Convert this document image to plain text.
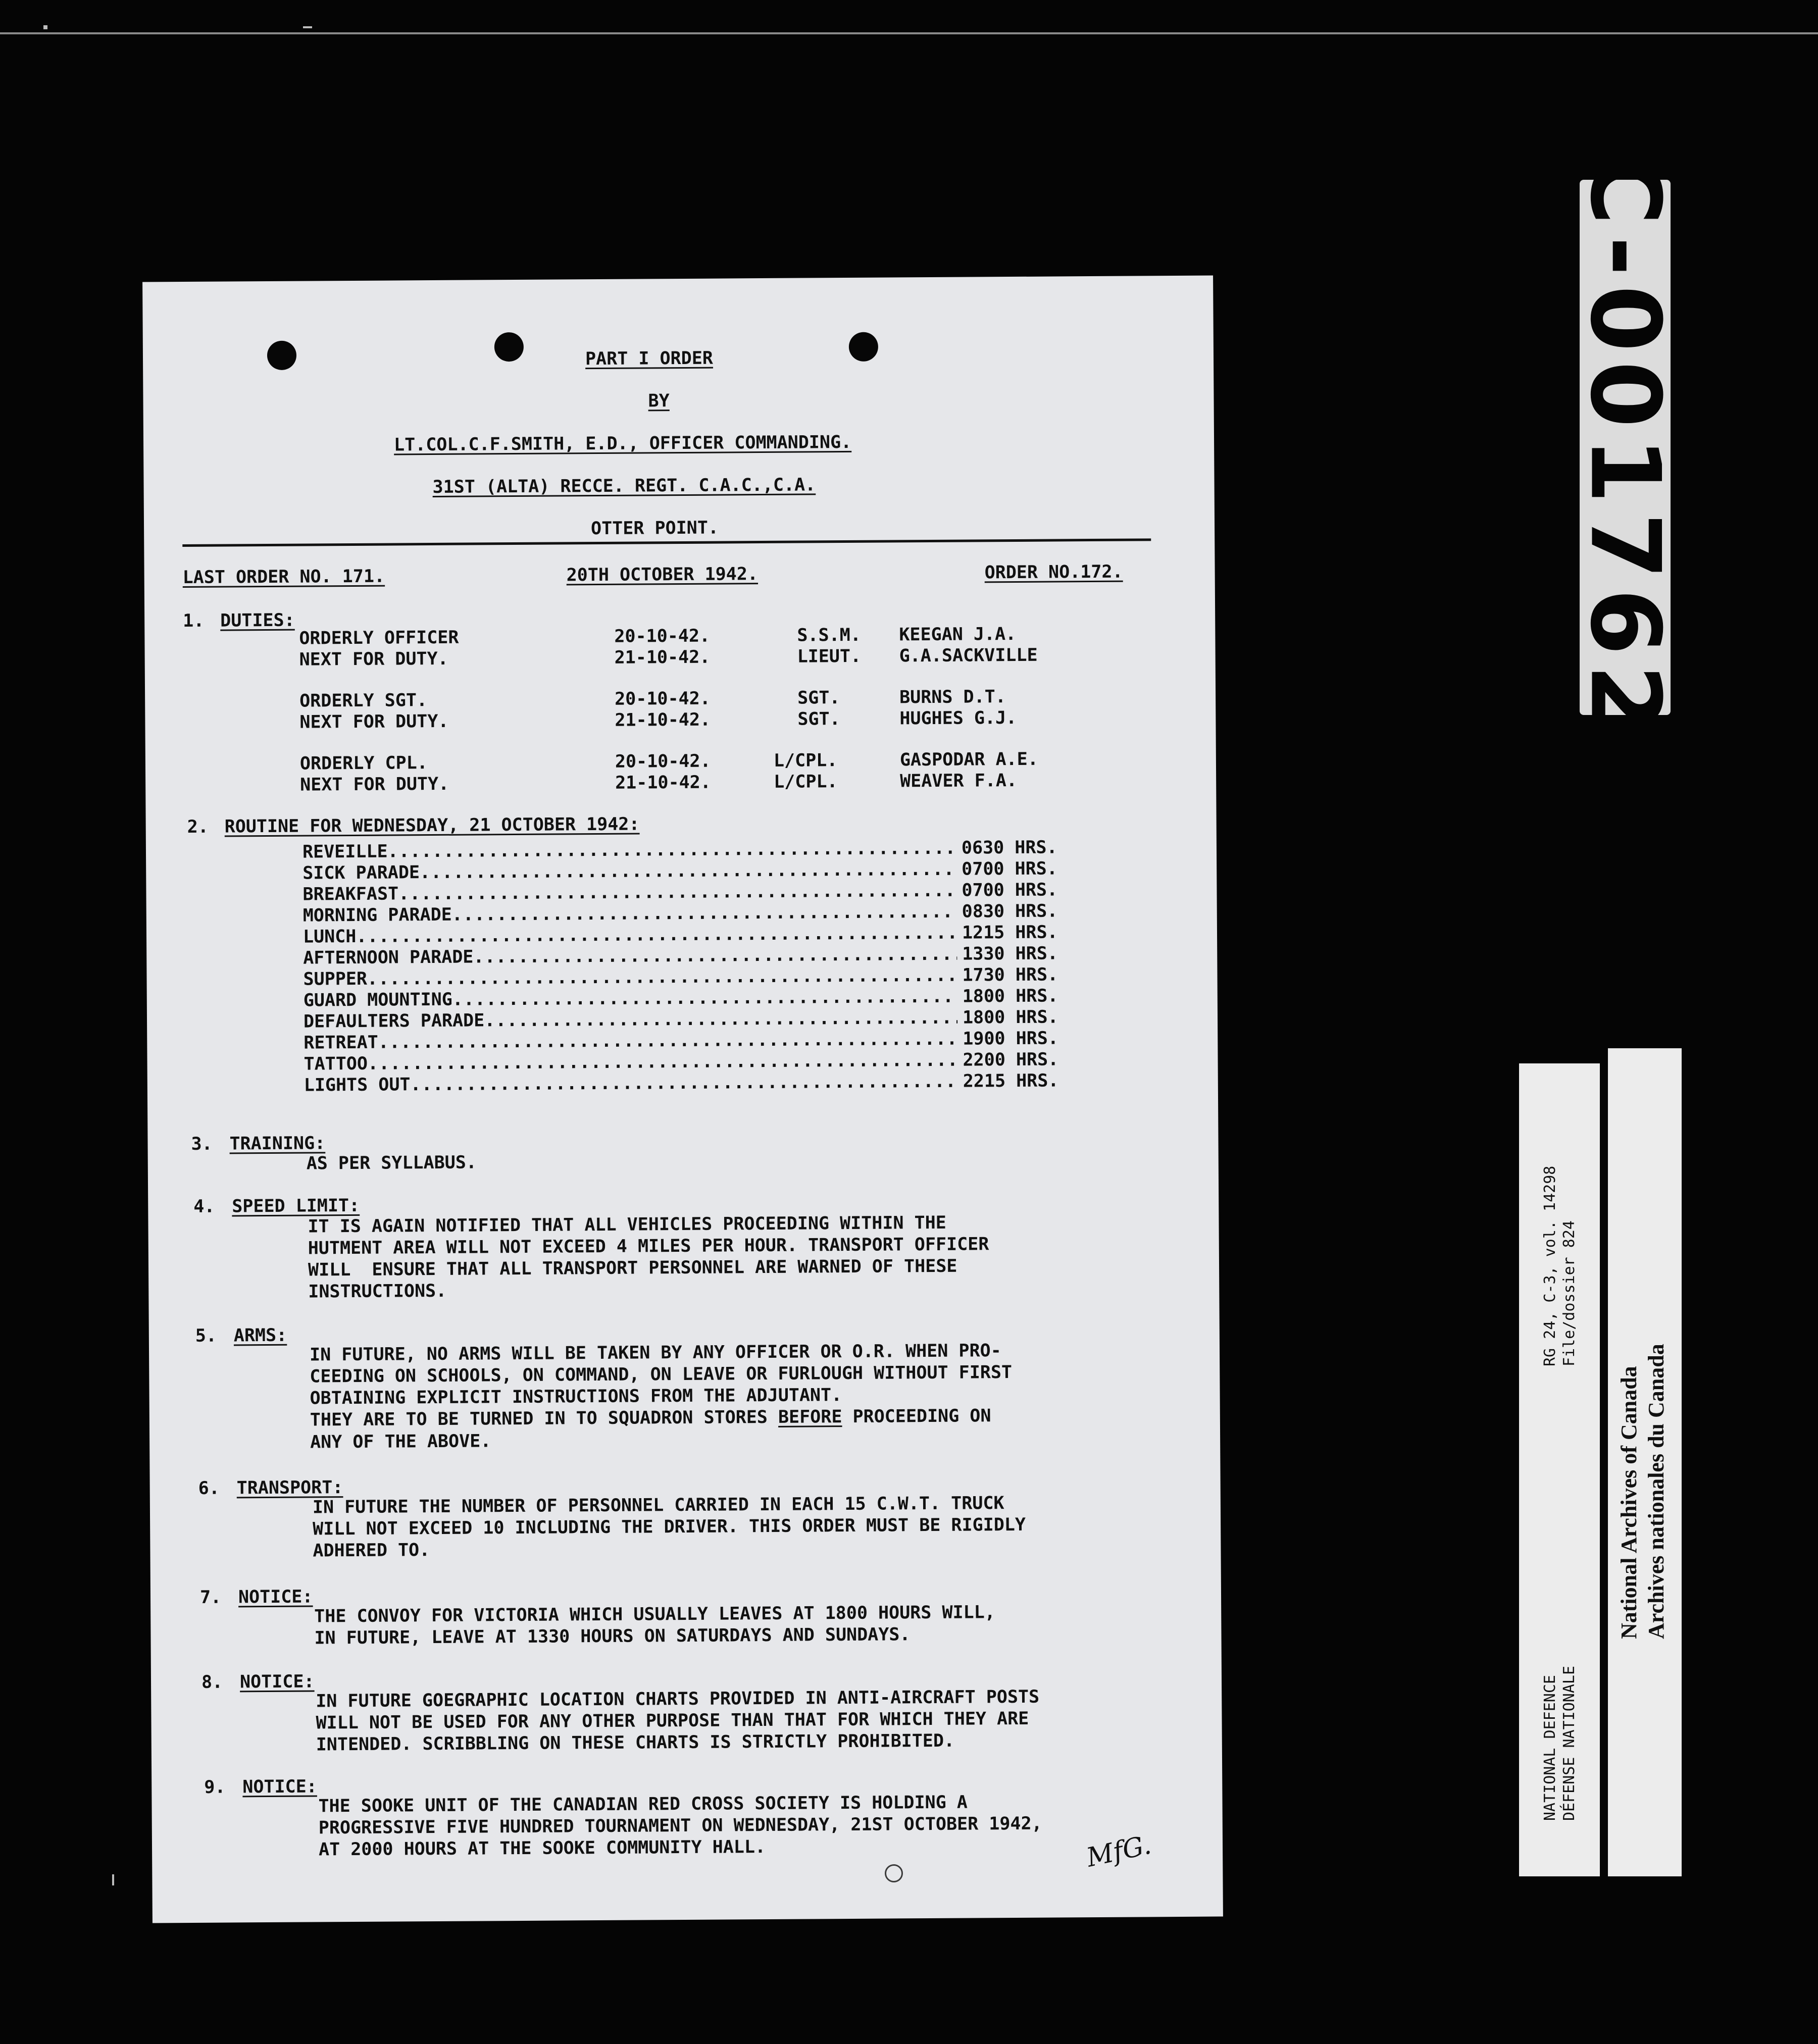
PART I ORDER
BY
LT.COL.C.F.SMITH, E.D., OFFICER COMMANDING.
31ST (ALTA) RECCE. REGT. C.A.C.,C.A.
OTTER POINT.
LAST ORDER NO. 171.	20TH OCTOBER 1942.	ORDER NO.172.
1. DUTIES:
ORDERLY OFFICER	20-10-42.	S.S.M. KEEGAN J.A.
NEXT FOR DUTY.	21-10-42.	LIEUT. G.A.SACKVILLE
ORDERLY SGT.	20-10-42.	SGT.	BURNS D.T.
NEXT FOR DUTY.	21-10-42.	SGT.	HUGHES G.J.
ORDERLY CPL.	20-10-42.	L/CPL.	GASPODAR A.E.
NEXT FOR DUTY.	21-10-42.	L/CPL.	WEAVER F.A.
2. ROUTINE FOR WEDNESDAY, 21 OCTOBER 1942:
REVEILLE .....	0630 HRS.
SICK PARADE .....	0700 HRS.
BREAKFAST .....	0700 HRS.
MORNING PARADE .....	0830 HRS.
LUNCH .....	1215 HRS.
AFTERNOON PARADE .....	1330 HRS.
SUPPER .....	1730 HRS.
GUARD MOUNTING .....	1800 HRS.
DEFAULTERS PARADE .....	1800 HRS.
RETREAT .....	1900 HRS.
TATTOO .....	2200 HRS.
LIGHTS OUT .....	2215 HRS.
3. TRAINING:
AS PER SYLLABUS.
4. SPEED LIMIT:
IT IS AGAIN NOTIFIED THAT ALL VEHICLES PROCEEDING WITHIN THE
HUTMENT AREA WILL NOT EXCEED 4 MILES PER HOUR. TRANSPORT OFFICER
WILL  ENSURE THAT ALL TRANSPORT PERSONNEL ARE WARNED OF THESE
INSTRUCTIONS.
5. ARMS:
IN FUTURE, NO ARMS WILL BE TAKEN BY ANY OFFICER OR O.R. WHEN PRO-
CEEDING ON SCHOOLS, ON COMMAND, ON LEAVE OR FURLOUGH WITHOUT FIRST
OBTAINING EXPLICIT INSTRUCTIONS FROM THE ADJUTANT.
THEY ARE TO BE TURNED IN TO SQUADRON STORES BEFORE PROCEEDING ON
ANY OF THE ABOVE.
6. TRANSPORT:
IN FUTURE THE NUMBER OF PERSONNEL CARRIED IN EACH 15 C.W.T. TRUCK
WILL NOT EXCEED 10 INCLUDING THE DRIVER. THIS ORDER MUST BE RIGIDLY
ADHERED TO.
7. NOTICE:
THE CONVOY FOR VICTORIA WHICH USUALLY LEAVES AT 1800 HOURS WILL,
IN FUTURE, LEAVE AT 1330 HOURS ON SATURDAYS AND SUNDAYS.
8. NOTICE:
IN FUTURE GOEGRAPHIC LOCATION CHARTS PROVIDED IN ANTI-AIRCRAFT POSTS
WILL NOT BE USED FOR ANY OTHER PURPOSE THAN THAT FOR WHICH THEY ARE
INTENDED. SCRIBBLING ON THESE CHARTS IS STRICTLY PROHIBITED.
9. NOTICE:
THE SOOKE UNIT OF THE CANADIAN RED CROSS SOCIETY IS HOLDING A
PROGRESSIVE FIVE HUNDRED TOURNAMENT ON WEDNESDAY, 21ST OCTOBER 1942,
AT 2000 HOURS AT THE SOOKE COMMUNITY HALL.	MfG.
C-001762
NATIONAL DEFENCE DÉFENSE NATIONALE
RG 24, C-3, vol. 14298 File/dossier 824
National Archives of Canada Archives nationales du Canada
